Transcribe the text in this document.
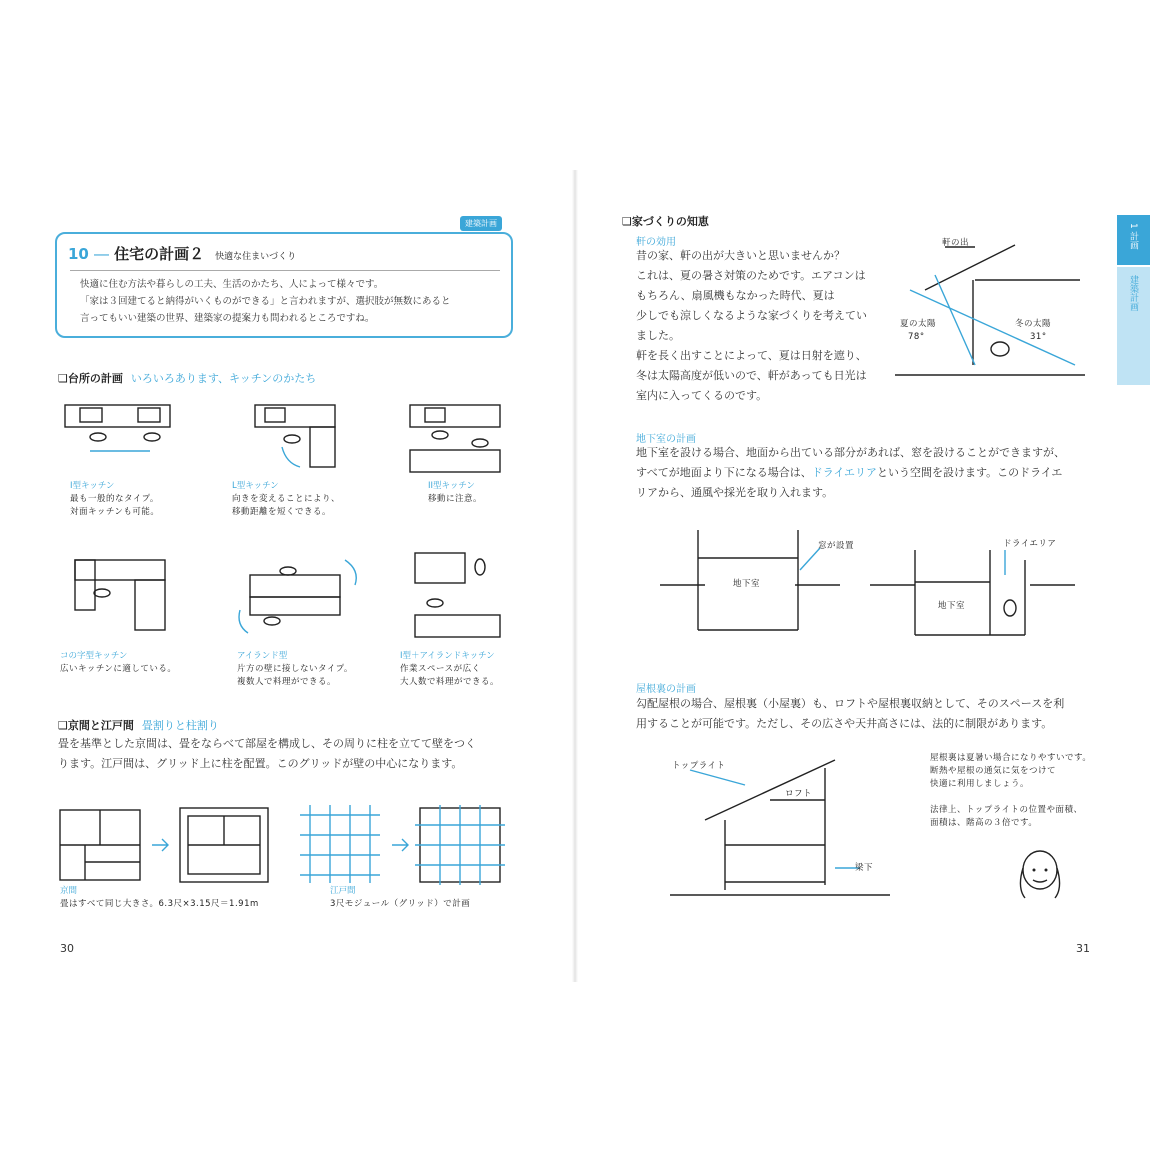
建築計画
10 ― 住宅の計画２ 快適な住まいづくり
快適に住む方法や暮らしの工夫、生活のかたち、人によって様々です。
「家は３回建てると納得がいくものができる」と言われますが、選択肢が無数にあると
言ってもいい建築の世界、建築家の提案力も問われるところですね。
❑台所の計画 いろいろあります、キッチンのかたち
I型キッチン
最も一般的なタイプ。
対面キッチンも可能。
L型キッチン
向きを変えることにより、
移動距離を短くできる。
II型キッチン
移動に注意。
コの字型キッチン
広いキッチンに適している。
アイランド型
片方の壁に接しないタイプ。
複数人で料理ができる。
I型＋アイランドキッチン
作業スペースが広く
大人数で料理ができる。
❑京間と江戸間 畳割りと柱割り
畳を基準とした京間は、畳をならべて部屋を構成し、その周りに柱を立てて壁をつく
ります。江戸間は、グリッド上に柱を配置。このグリッドが壁の中心になります。
京間
畳はすべて同じ大きさ。6.3尺×3.15尺＝1.91m
江戸間
3尺モジュール（グリッド）で計画
30
1 計画
建築計画
❑家づくりの知恵
軒の効用
昔の家、軒の出が大きいと思いませんか？
これは、夏の暑さ対策のためです。エアコンは
もちろん、扇風機もなかった時代、夏は
少しでも涼しくなるような家づくりを考えてい
ました。
軒を長く出すことによって、夏は日射を遮り、
冬は太陽高度が低いので、軒があっても日光は
室内に入ってくるのです。
軒の出
冬の太陽
31°
夏の太陽
78°
地下室の計画
地下室を設ける場合、地面から出ている部分があれば、窓を設けることができますが、
すべてが地面より下になる場合は、ドライエリアという空間を設けます。このドライエ
リアから、通風や採光を取り入れます。
窓が設置
地下室
ドライエリア
地下室
屋根裏の計画
勾配屋根の場合、屋根裏（小屋裏）も、ロフトや屋根裏収納として、そのスペースを利
用することが可能です。ただし、その広さや天井高さには、法的に制限があります。
トップライト
ロフト
梁下
屋根裏は夏暑い場合になりやすいです。
断熱や屋根の通気に気をつけて
快適に利用しましょう。
法律上、トップライトの位置や面積、
面積は、階高の３倍です。
31
